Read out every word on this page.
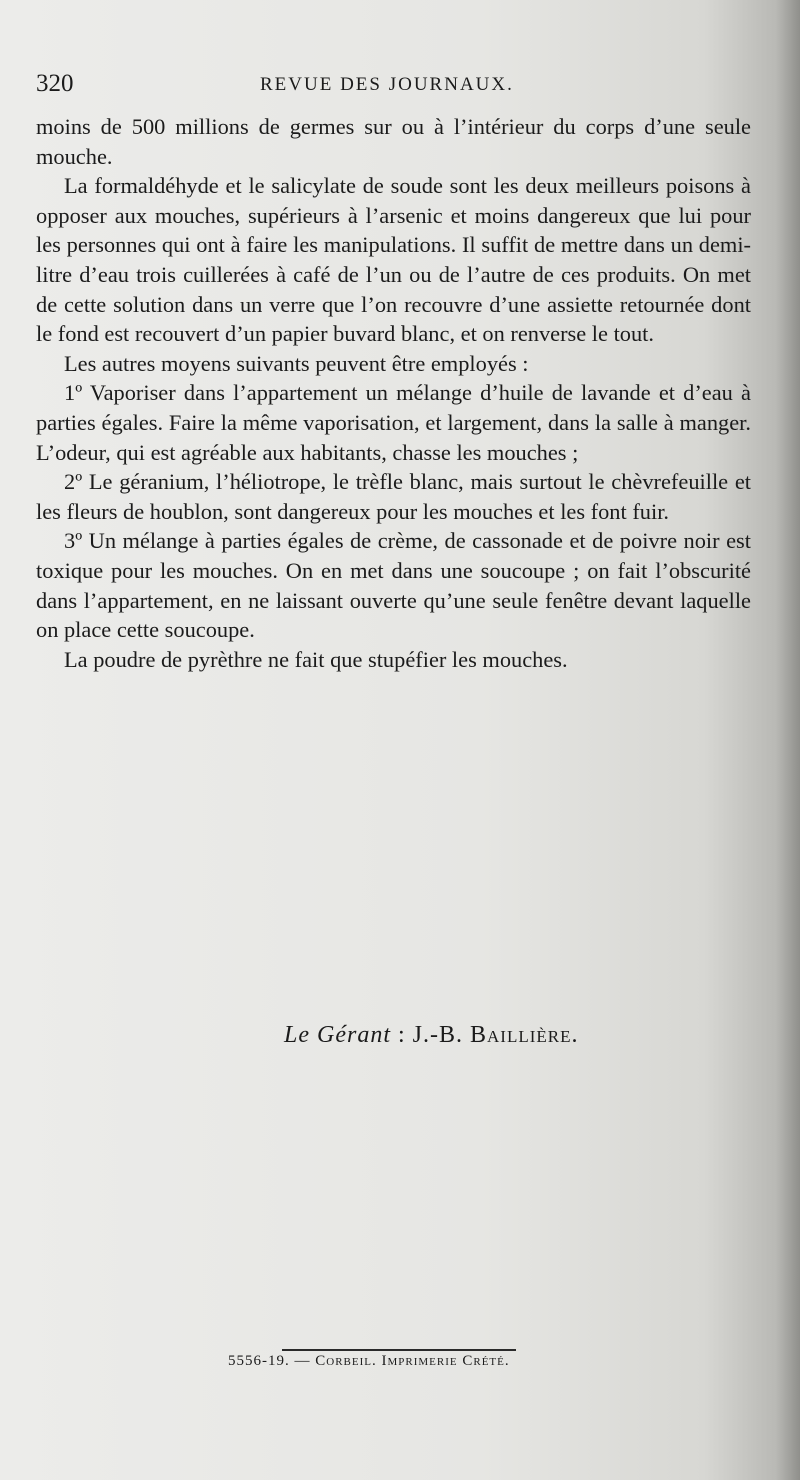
320	REVUE DES JOURNAUX.

moins de 500 millions de germes sur ou à l’intérieur du corps d’une seule mouche.

La formaldéhyde et le salicylate de soude sont les deux meilleurs poisons à opposer aux mouches, supérieurs à l’arsenic et moins dangereux que lui pour les personnes qui ont à faire les manipulations. Il suffit de mettre dans un demi-litre d’eau trois cuillerées à café de l’un ou de l’autre de ces produits. On met de cette solution dans un verre que l’on recouvre d’une assiette retournée dont le fond est recouvert d’un papier buvard blanc, et on renverse le tout.

Les autres moyens suivants peuvent être employés :

1º Vaporiser dans l’appartement un mélange d’huile de lavande et d’eau à parties égales. Faire la même vaporisation, et largement, dans la salle à manger. L’odeur, qui est agréable aux habitants, chasse les mouches ;

2º Le géranium, l’héliotrope, le trèfle blanc, mais surtout le chèvrefeuille et les fleurs de houblon, sont dangereux pour les mouches et les font fuir.

3º Un mélange à parties égales de crème, de cassonade et de poivre noir est toxique pour les mouches. On en met dans une soucoupe ; on fait l’obscurité dans l’appartement, en ne laissant ouverte qu’une seule fenêtre devant laquelle on place cette soucoupe.

La poudre de pyrèthre ne fait que stupéfier les mouches.

Le Gérant : J.-B. Baillière.
5556-19. — Corbeil. Imprimerie Crété.
